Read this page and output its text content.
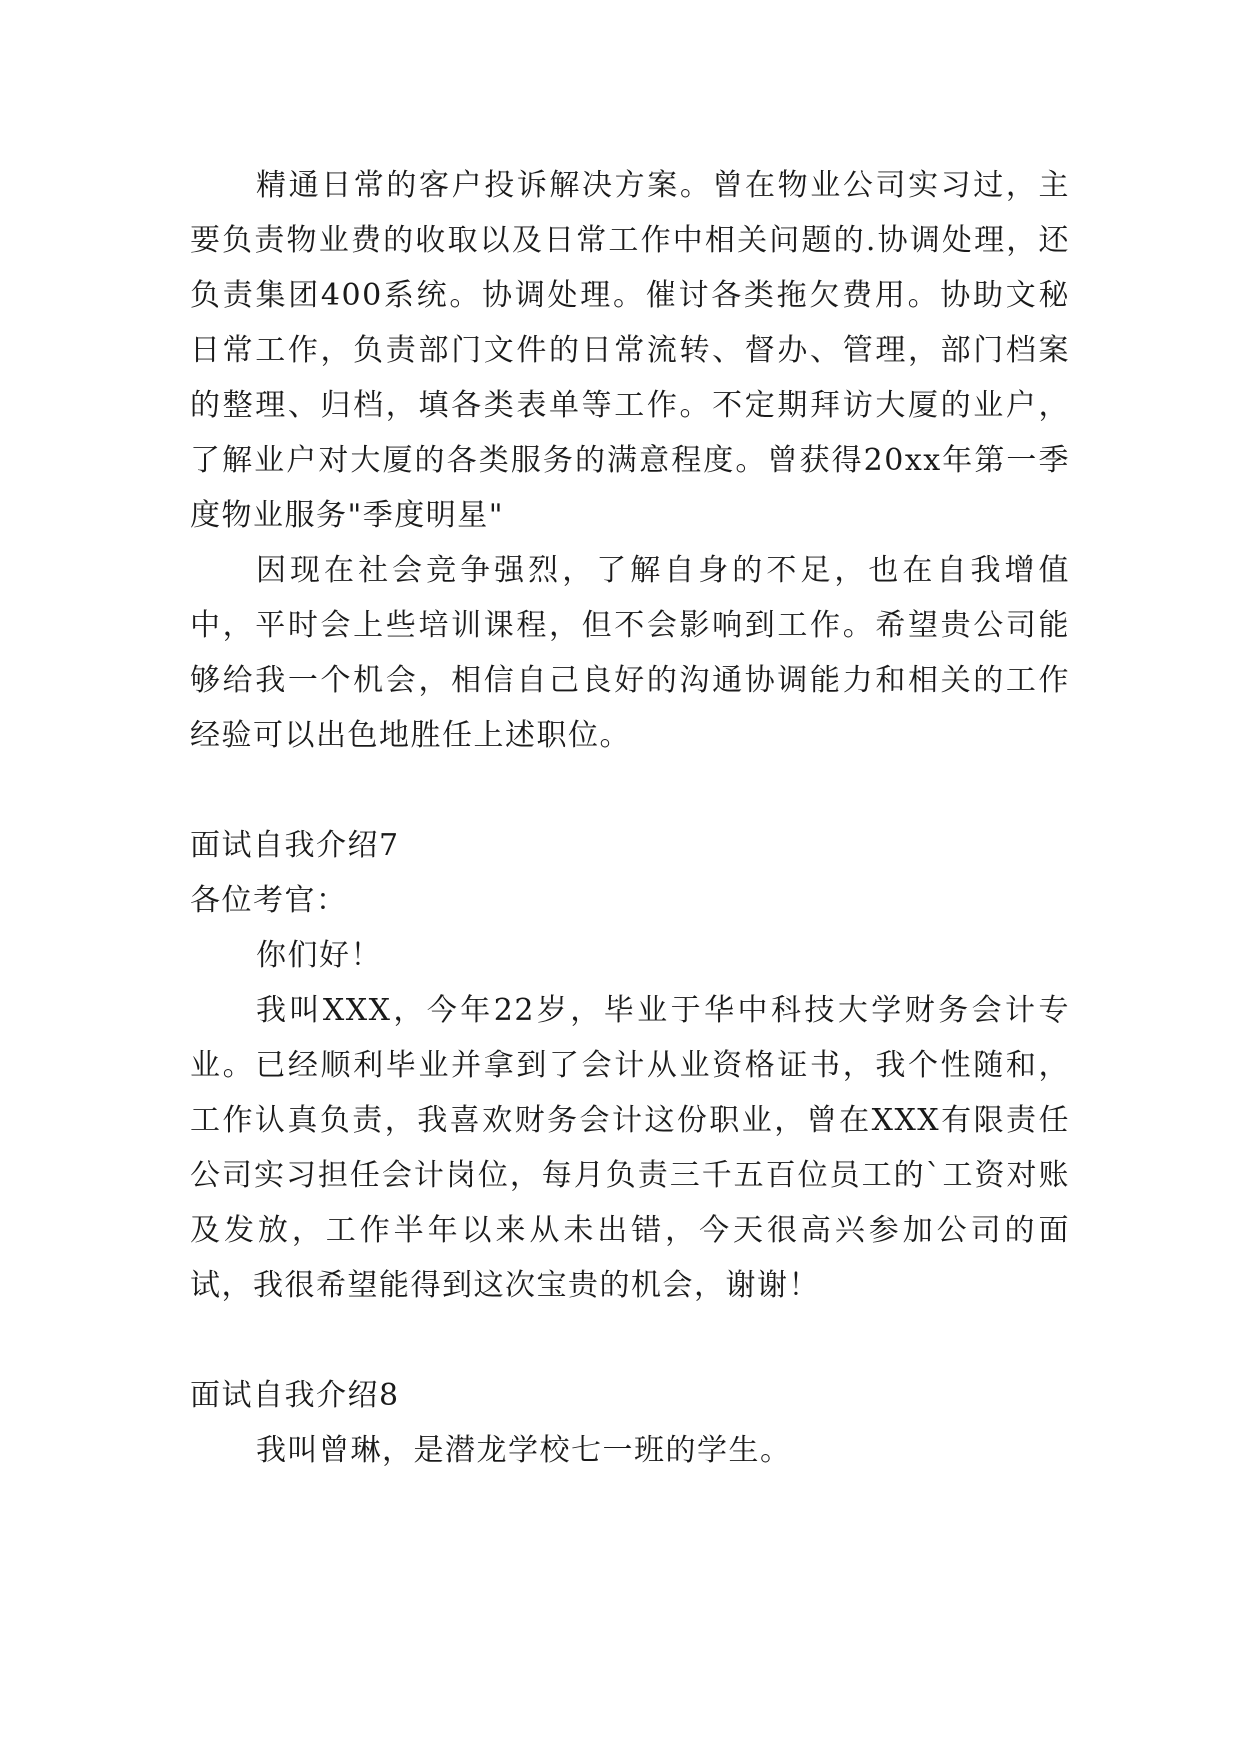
精通日常的客户投诉解决方案。曾在物业公司实习过，主要负责物业费的收取以及日常工作中相关问题的.协调处理，还负责集团400系统。协调处理。催讨各类拖欠费用。协助文秘日常工作，负责部门文件的日常流转、督办、管理，部门档案的整理、归档，填各类表单等工作。不定期拜访大厦的业户，了解业户对大厦的各类服务的满意程度。曾获得20xx年第一季度物业服务"季度明星"

因现在社会竞争强烈，了解自身的不足，也在自我增值中，平时会上些培训课程，但不会影响到工作。希望贵公司能够给我一个机会，相信自己良好的沟通协调能力和相关的工作经验可以出色地胜任上述职位。

面试自我介绍7

各位考官：

你们好！

我叫XXX，今年22岁，毕业于华中科技大学财务会计专业。已经顺利毕业并拿到了会计从业资格证书，我个性随和，工作认真负责，我喜欢财务会计这份职业，曾在XXX有限责任公司实习担任会计岗位，每月负责三千五百位员工的`工资对账及发放，工作半年以来从未出错，今天很高兴参加公司的面试，我很希望能得到这次宝贵的机会，谢谢！

面试自我介绍8

我叫曾琳，是潜龙学校七一班的学生。
